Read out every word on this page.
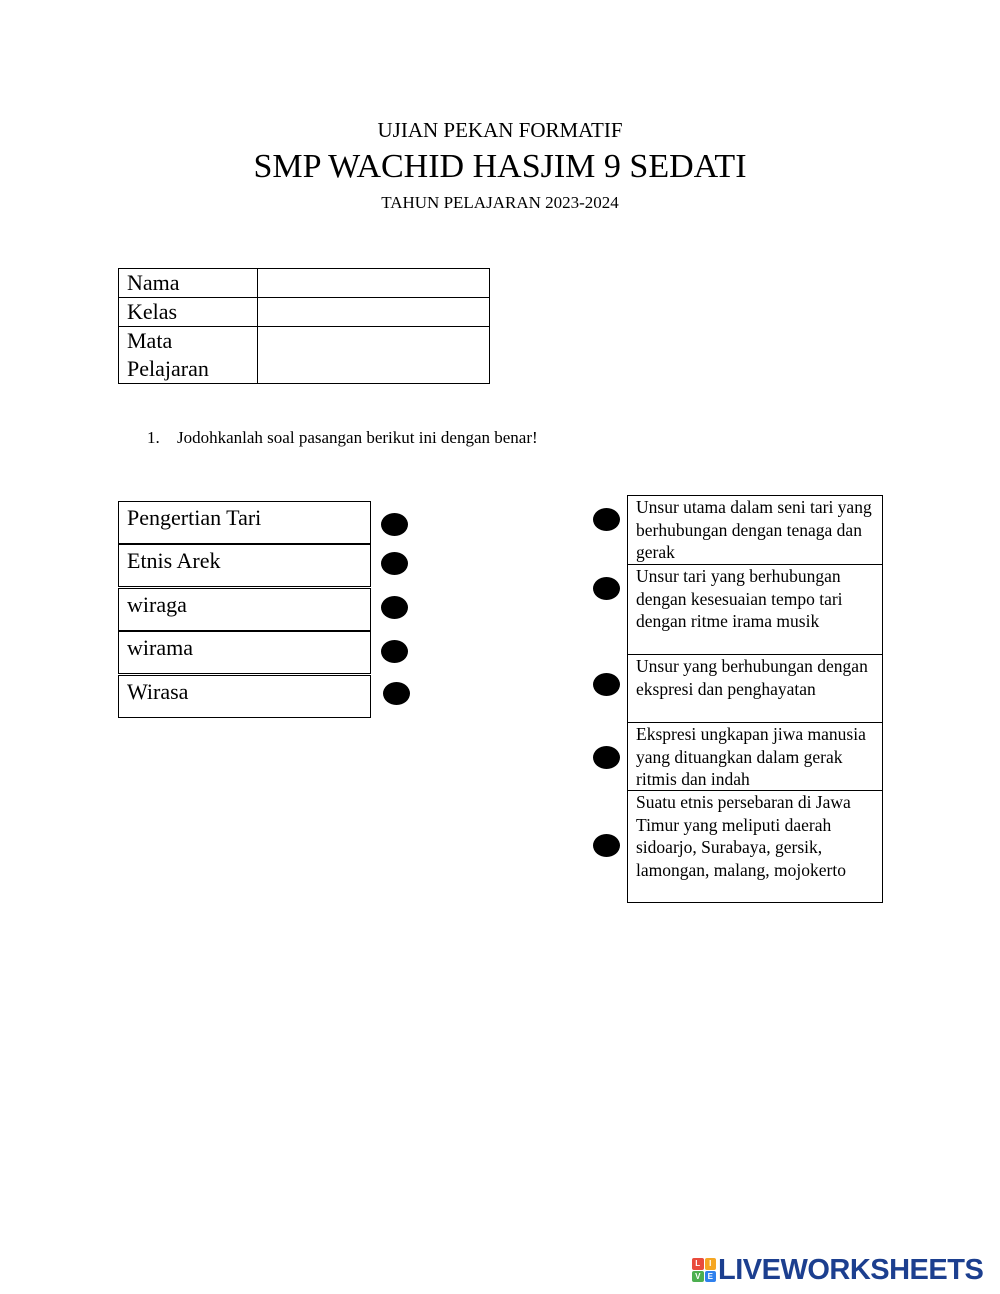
UJIAN PEKAN FORMATIF
SMP WACHID HASJIM 9 SEDATI
TAHUN PELAJARAN 2023-2024
Nama	
Kelas	
Mata Pelajaran	
1. Jodohkanlah soal pasangan berikut ini dengan benar!
Pengertian Tari
Etnis Arek
wiraga
wirama
Wirasa
Unsur utama dalam seni tari yang berhubungan dengan tenaga dan gerak
Unsur tari yang berhubungan dengan kesesuaian tempo tari dengan ritme irama musik
Unsur yang berhubungan dengan ekspresi dan penghayatan
Ekspresi ungkapan jiwa manusia yang dituangkan dalam gerak ritmis dan indah
Suatu etnis persebaran di Jawa Timur yang meliputi daerah sidoarjo, Surabaya, gersik, lamongan, malang, mojokerto
L	I
V E LIVEWORKSHEETS
